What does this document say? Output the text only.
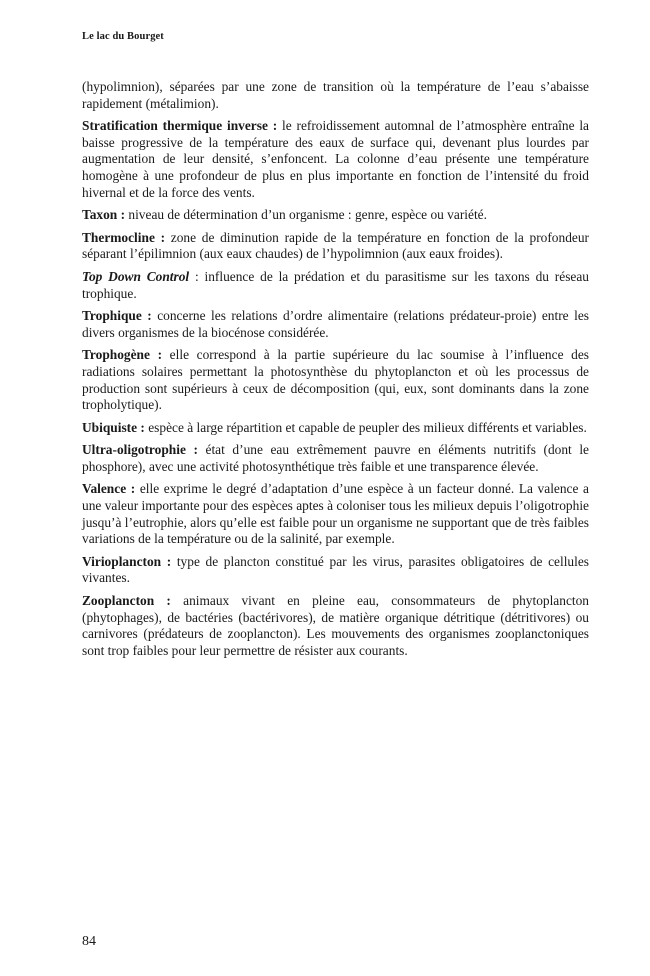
Le lac du Bourget

(hypolimnion), séparées par une zone de transition où la température de l’eau s’abaisse rapidement (métalimion).

Stratification thermique inverse : le refroidissement automnal de l’atmosphère entraîne la baisse progressive de la température des eaux de surface qui, devenant plus lourdes par augmentation de leur densité, s’enfoncent. La colonne d’eau présente une température homogène à une profondeur de plus en plus importante en fonction de l’intensité du froid hivernal et de la force des vents.

Taxon : niveau de détermination d’un organisme : genre, espèce ou variété.

Thermocline : zone de diminution rapide de la température en fonction de la profondeur séparant l’épilimnion (aux eaux chaudes) de l’hypolimnion (aux eaux froides).

Top Down Control : influence de la prédation et du parasitisme sur les taxons du réseau trophique.

Trophique : concerne les relations d’ordre alimentaire (relations prédateur-proie) entre les divers organismes de la biocénose considérée.

Trophogène : elle correspond à la partie supérieure du lac soumise à l’influence des radiations solaires permettant la photosynthèse du phytoplancton et où les processus de production sont supérieurs à ceux de décomposition (qui, eux, sont dominants dans la zone tropholytique).

Ubiquiste : espèce à large répartition et capable de peupler des milieux différents et variables.

Ultra-oligotrophie : état d’une eau extrêmement pauvre en éléments nutritifs (dont le phosphore), avec une activité photosynthétique très faible et une transparence élevée.

Valence : elle exprime le degré d’adaptation d’une espèce à un facteur donné. La valence a une valeur importante pour des espèces aptes à coloniser tous les milieux depuis l’oligotrophie jusqu’à l’eutrophie, alors qu’elle est faible pour un organisme ne supportant que de très faibles variations de la température ou de la salinité, par exemple.

Virioplancton : type de plancton constitué par les virus, parasites obligatoires de cellules vivantes.

Zooplancton : animaux vivant en pleine eau, consommateurs de phytoplancton (phytophages), de bactéries (bactérivores), de matière organique détritique (détritivores) ou carnivores (prédateurs de zooplancton). Les mouvements des organismes zooplanctoniques sont trop faibles pour leur permettre de résister aux courants.

84
